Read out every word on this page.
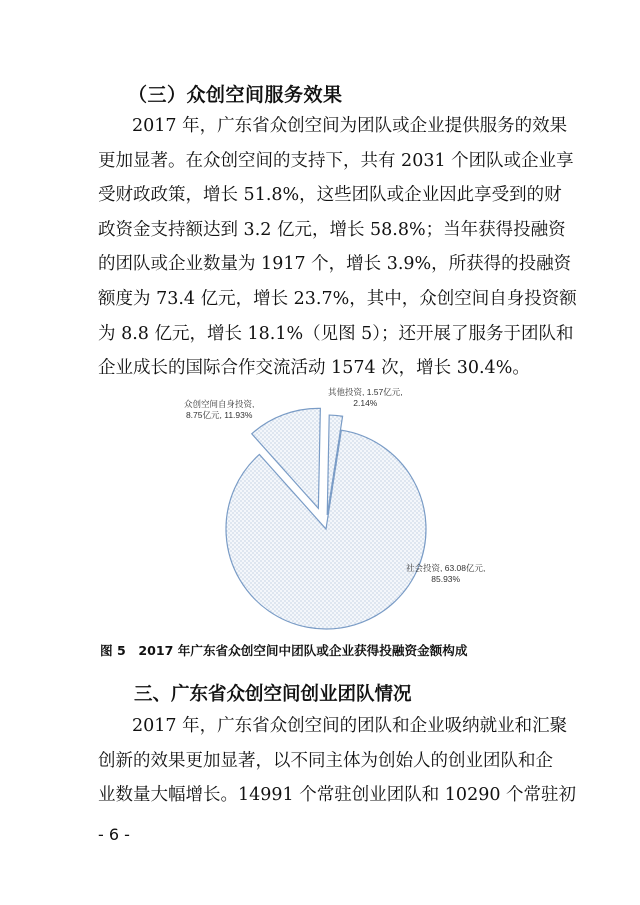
（三）众创空间服务效果
2017 年，广东省众创空间为团队或企业提供服务的效果
更加显著。在众创空间的支持下，共有 2031 个团队或企业享
受财政政策，增长 51.8%，这些团队或企业因此享受到的财
政资金支持额达到 3.2 亿元，增长 58.8%；当年获得投融资
的团队或企业数量为 1917 个，增长 3.9%，所获得的投融资
额度为 73.4 亿元，增长 23.7%，其中，众创空间自身投资额
为 8.8 亿元，增长 18.1%（见图 5）；还开展了服务于团队和
企业成长的国际合作交流活动 1574 次，增长 30.4%。
众创空间自身投资,
8.75亿元, 11.93%
其他投资, 1.57亿元,
2.14%
社会投资, 63.08亿元,
85.93%
图 5　2017 年广东省众创空间中团队或企业获得投融资金额构成
三、广东省众创空间创业团队情况
2017 年，广东省众创空间的团队和企业吸纳就业和汇聚
创新的效果更加显著，以不同主体为创始人的创业团队和企
业数量大幅增长。14991 个常驻创业团队和 10290 个常驻初
- 6 -
